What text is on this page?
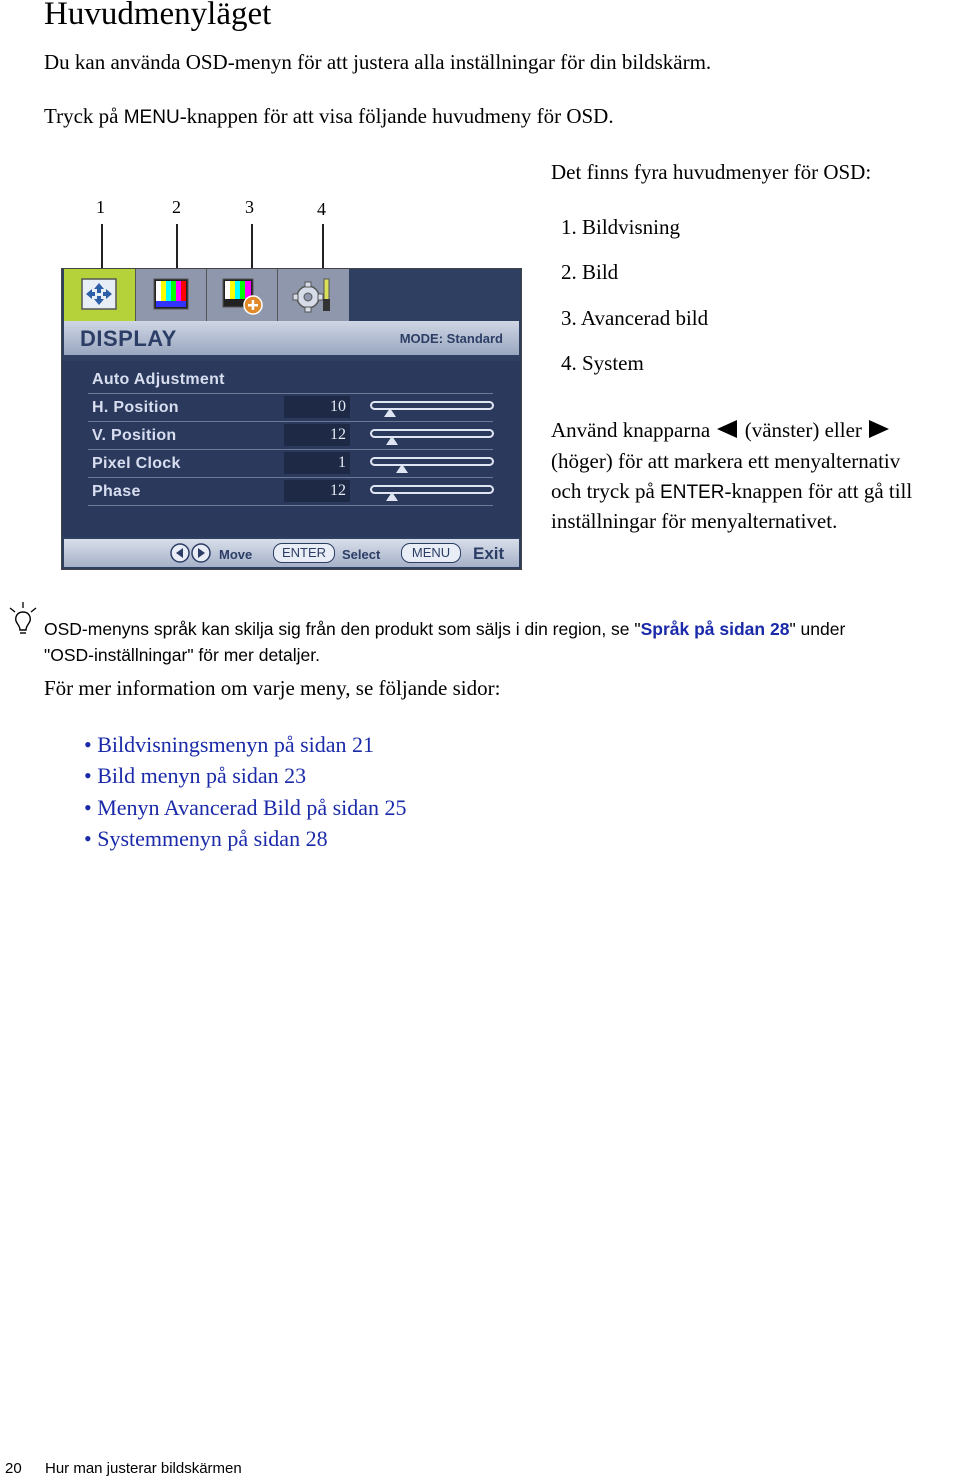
Huvudmenyläget
Du kan använda OSD-menyn för att justera alla inställningar för din bildskärm.
Tryck på MENU-knappen för att visa följande huvudmeny för OSD.
1	2	3	4
DISPLAY	MODE: Standard
Auto Adjustment
H. Position	10
V. Position	12
Pixel Clock	1
Phase	12
Move	ENTER	Select	MENU	Exit
Det finns fyra huvudmenyer för OSD:
1. Bildvisning
2. Bild
3. Avancerad bild
4. System
Använd knapparna (vänster) eller
(höger) för att markera ett menyalternativ
och tryck på ENTER-knappen för att gå till
inställningar för menyalternativet.
OSD-menyns språk kan skilja sig från den produkt som säljs i din region, se "Språk på sidan 28" under
"OSD-inställningar" för mer detaljer.
För mer information om varje meny, se följande sidor:
• Bildvisningsmenyn på sidan 21
• Bild menyn på sidan 23
• Menyn Avancerad Bild på sidan 25
• Systemmenyn på sidan 28
20 Hur man justerar bildskärmen
